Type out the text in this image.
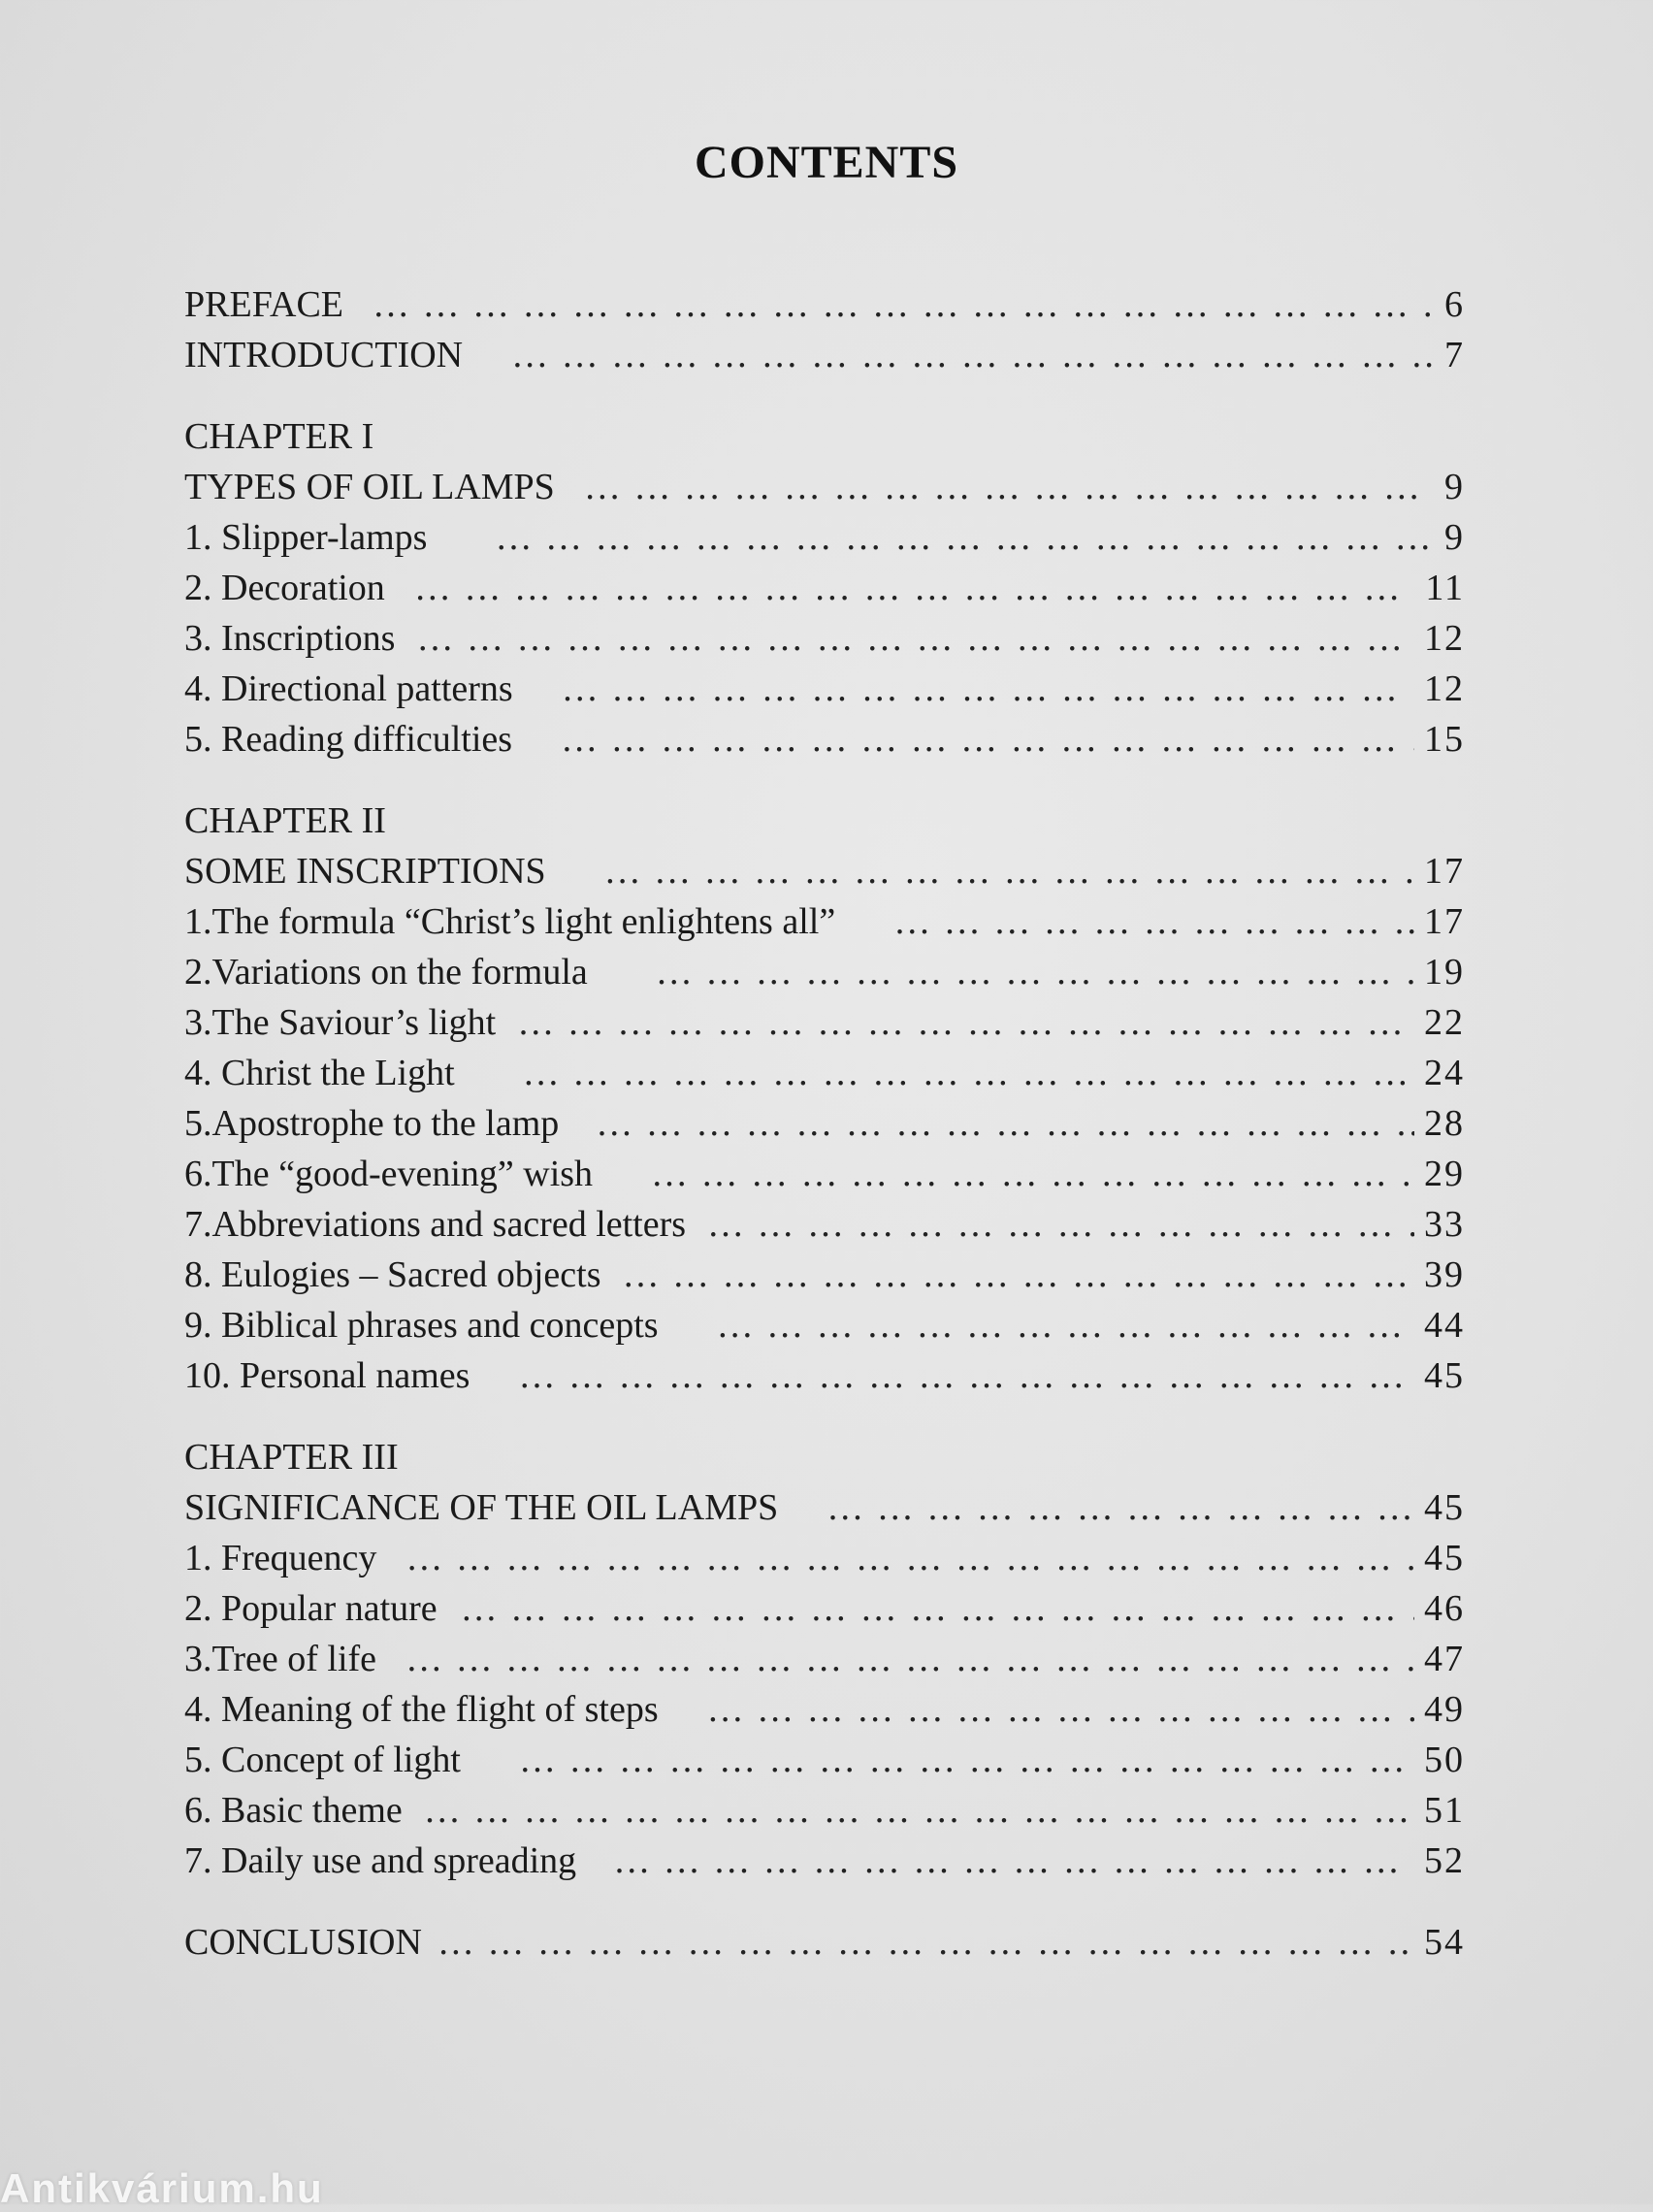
CONTENTS
PREFACE … … … … … … … … … … … … … … … … … … … … … … … … … … … … … … … … … … … … … … … … … … …	6
INTRODUCTION … … … … … … … … … … … … … … … … … … … … … … … … … … … … … … … … … … … … … … … … … … …	7
CHAPTER I
TYPES OF OIL LAMPS … … … … … … … … … … … … … … … … … … … … … … … … … … … … … … … … … … … … … … … … … … …	9
1. Slipper-lamps … … … … … … … … … … … … … … … … … … … … … … … … … … … … … … … … … … … … … … … … … … …	9
2. Decoration … … … … … … … … … … … … … … … … … … … … … … … … … … … … … … … … … … … … … … … … … … …	11
3. Inscriptions … … … … … … … … … … … … … … … … … … … … … … … … … … … … … … … … … … … … … … … … … … …	12
4. Directional patterns … … … … … … … … … … … … … … … … … … … … … … … … … … … … … … … … … … … … … … … … … … …	12
5. Reading difficulties … … … … … … … … … … … … … … … … … … … … … … … … … … … … … … … … … … … … … … … … … … …	15
CHAPTER II
SOME INSCRIPTIONS … … … … … … … … … … … … … … … … … … … … … … … … … … … … … … … … … … … … … … … … … … …	17
1.The formula “Christ’s light enlightens all” … … … … … … … … … … … … … … … … … … … … … … … … … … … … … … … … … … … … … … … … … … …	17
2.Variations on the formula … … … … … … … … … … … … … … … … … … … … … … … … … … … … … … … … … … … … … … … … … … …	19
3.The Saviour’s light … … … … … … … … … … … … … … … … … … … … … … … … … … … … … … … … … … … … … … … … … … …	22
4. Christ the Light … … … … … … … … … … … … … … … … … … … … … … … … … … … … … … … … … … … … … … … … … … …	24
5.Apostrophe to the lamp … … … … … … … … … … … … … … … … … … … … … … … … … … … … … … … … … … … … … … … … … … …	28
6.The “good-evening” wish … … … … … … … … … … … … … … … … … … … … … … … … … … … … … … … … … … … … … … … … … … …	29
7.Abbreviations and sacred letters … … … … … … … … … … … … … … … … … … … … … … … … … … … … … … … … … … … … … … … … … … …	33
8. Eulogies – Sacred objects … … … … … … … … … … … … … … … … … … … … … … … … … … … … … … … … … … … … … … … … … … …	39
9. Biblical phrases and concepts … … … … … … … … … … … … … … … … … … … … … … … … … … … … … … … … … … … … … … … … … … …	44
10. Personal names … … … … … … … … … … … … … … … … … … … … … … … … … … … … … … … … … … … … … … … … … … …	45
CHAPTER III
SIGNIFICANCE OF THE OIL LAMPS … … … … … … … … … … … … … … … … … … … … … … … … … … … … … … … … … … … … … … … … … … …	45
1. Frequency … … … … … … … … … … … … … … … … … … … … … … … … … … … … … … … … … … … … … … … … … … …	45
2. Popular nature … … … … … … … … … … … … … … … … … … … … … … … … … … … … … … … … … … … … … … … … … … …	46
3.Tree of life … … … … … … … … … … … … … … … … … … … … … … … … … … … … … … … … … … … … … … … … … … …	47
4. Meaning of the flight of steps … … … … … … … … … … … … … … … … … … … … … … … … … … … … … … … … … … … … … … … … … … …	49
5. Concept of light … … … … … … … … … … … … … … … … … … … … … … … … … … … … … … … … … … … … … … … … … … …	50
6. Basic theme … … … … … … … … … … … … … … … … … … … … … … … … … … … … … … … … … … … … … … … … … … …	51
7. Daily use and spreading … … … … … … … … … … … … … … … … … … … … … … … … … … … … … … … … … … … … … … … … … … …	52
CONCLUSION … … … … … … … … … … … … … … … … … … … … … … … … … … … … … … … … … … … … … … … … … … …	54
Antikvárium.hu
